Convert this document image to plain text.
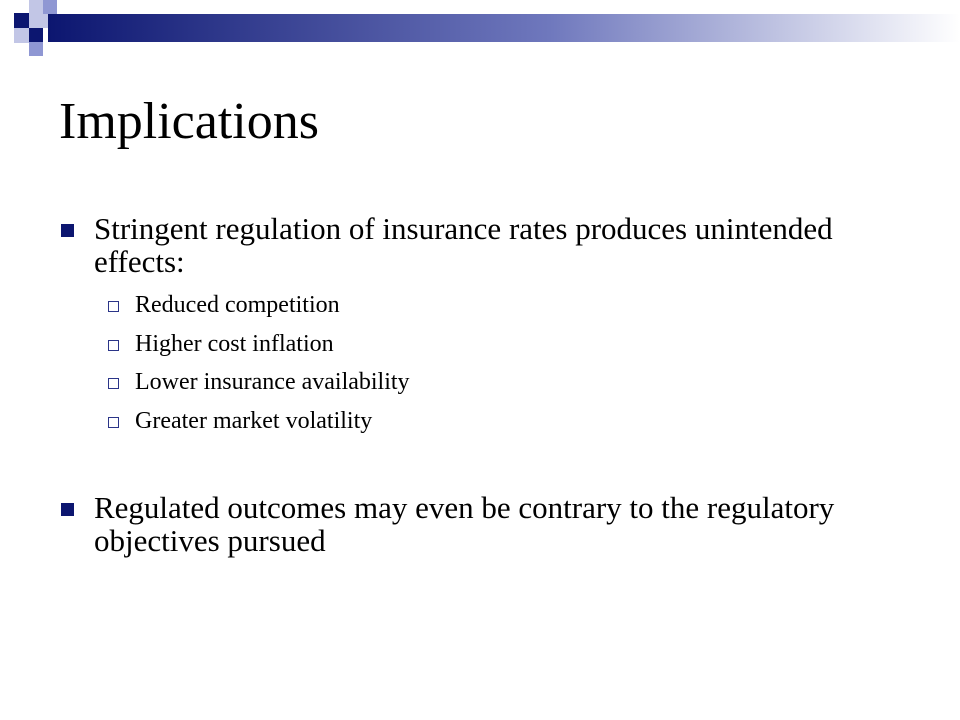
Implications
Stringent regulation of insurance rates produces unintended effects:
Reduced competition
Higher cost inflation
Lower insurance availability
Greater market volatility
Regulated outcomes may even be contrary to the regulatory objectives pursued
